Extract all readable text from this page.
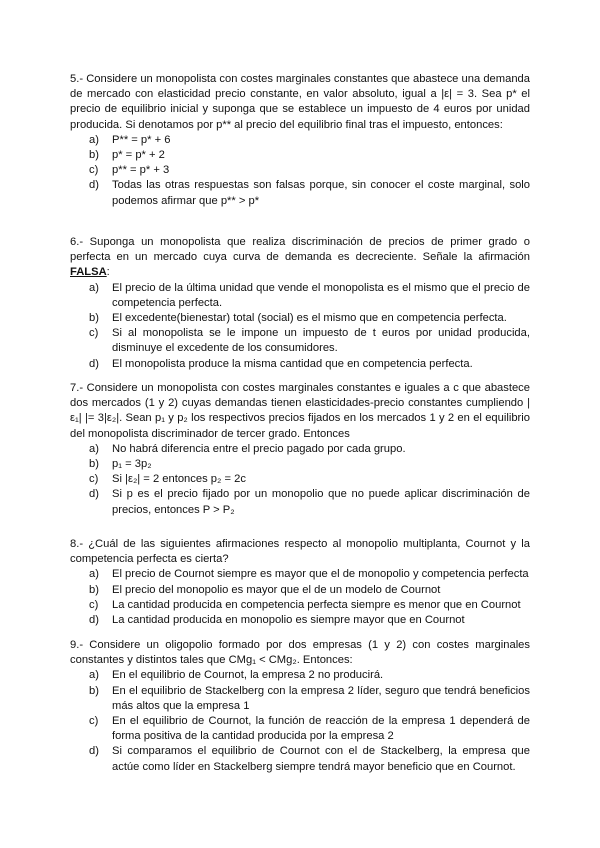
5.- Considere un monopolista con costes marginales constantes que abastece una demanda de mercado con elasticidad precio constante, en valor absoluto, igual a |ε| = 3. Sea p* el precio de equilibrio inicial y suponga que se establece un impuesto de 4 euros por unidad producida. Si denotamos por p** al precio del equilibrio final tras el impuesto, entonces:
a)	P** = p* + 6
b)	p* = p* + 2
c)	p** = p* + 3
d)	Todas las otras respuestas son falsas porque, sin conocer el coste marginal, solo podemos afirmar que p** > p*
6.- Suponga un monopolista que realiza discriminación de precios de primer grado o perfecta en un mercado cuya curva de demanda es decreciente. Señale la afirmación FALSA:
a)	El precio de la última unidad que vende el monopolista es el mismo que el precio de competencia perfecta.
b)	El excedente(bienestar) total (social) es el mismo que en competencia perfecta.
c)	Si al monopolista se le impone un impuesto de t euros por unidad producida, disminuye el excedente de los consumidores.
d)	El monopolista produce la misma cantidad que en competencia perfecta.
7.- Considere un monopolista con costes marginales constantes e iguales a c que abastece dos mercados (1 y 2) cuyas demandas tienen elasticidades-precio constantes cumpliendo |ε₁| |= 3|ε₂|. Sean p₁ y p₂ los respectivos precios fijados en los mercados 1 y 2 en el equilibrio del monopolista discriminador de tercer grado. Entonces
a)	No habrá diferencia entre el precio pagado por cada grupo.
b)	p₁ = 3p₂
c)	Si |ε₂| = 2 entonces p₂ = 2c
d)	Si p es el precio fijado por un monopolio que no puede aplicar discriminación de precios, entonces P > P₂
8.- ¿Cuál de las siguientes afirmaciones respecto al monopolio multiplanta, Cournot y la competencia perfecta es cierta?
a)	El precio de Cournot siempre es mayor que el de monopolio y competencia perfecta
b)	El precio del monopolio es mayor que el de un modelo de Cournot
c)	La cantidad producida en competencia perfecta siempre es menor que en Cournot
d)	La cantidad producida en monopolio es siempre mayor que en Cournot
9.- Considere un oligopolio formado por dos empresas (1 y 2) con costes marginales constantes y distintos tales que CMg₁ < CMg₂. Entonces:
a)	En el equilibrio de Cournot, la empresa 2 no producirá.
b)	En el equilibrio de Stackelberg con la empresa 2 líder, seguro que tendrá beneficios más altos que la empresa 1
c)	En el equilibrio de Cournot, la función de reacción de la empresa 1 dependerá de forma positiva de la cantidad producida por la empresa 2
d)	Si comparamos el equilibrio de Cournot con el de Stackelberg, la empresa que actúe como líder en Stackelberg siempre tendrá mayor beneficio que en Cournot.
